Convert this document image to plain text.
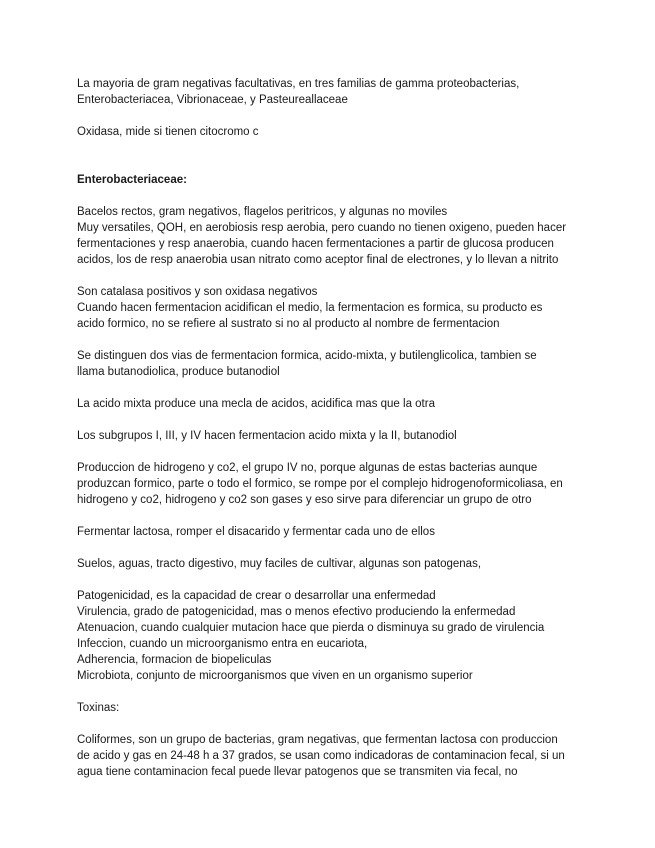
La mayoria de gram negativas facultativas, en tres familias de gamma proteobacterias,
Enterobacteriacea, Vibrionaceae, y Pasteureallaceae

Oxidasa, mide si tienen citocromo c

Enterobacteriaceae:

Bacelos rectos, gram negativos, flagelos peritricos, y algunas no moviles
Muy versatiles, QOH, en aerobiosis resp aerobia, pero cuando no tienen oxigeno, pueden hacer
fermentaciones y resp anaerobia, cuando hacen fermentaciones a partir de glucosa producen
acidos, los de resp anaerobia usan nitrato como aceptor final de electrones, y lo llevan a nitrito

Son catalasa positivos y son oxidasa negativos
Cuando hacen fermentacion acidifican el medio, la fermentacion es formica, su producto es
acido formico, no se refiere al sustrato si no al producto al nombre de fermentacion

Se distinguen dos vias de fermentacion formica, acido-mixta, y butilenglicolica, tambien se
llama butanodiolica, produce butanodiol

La acido mixta produce una mecla de acidos, acidifica mas que la otra

Los subgrupos I, III, y IV hacen fermentacion acido mixta y la II, butanodiol

Produccion de hidrogeno y co2, el grupo IV no, porque algunas de estas bacterias aunque
produzcan formico, parte o todo el formico, se rompe por el complejo hidrogenoformicoliasa, en
hidrogeno y co2, hidrogeno y co2 son gases y eso sirve para diferenciar un grupo de otro

Fermentar lactosa, romper el disacarido y fermentar cada uno de ellos

Suelos, aguas, tracto digestivo, muy faciles de cultivar, algunas son patogenas,

Patogenicidad, es la capacidad de crear o desarrollar una enfermedad
Virulencia, grado de patogenicidad, mas o menos efectivo produciendo la enfermedad
Atenuacion, cuando cualquier mutacion hace que pierda o disminuya su grado de virulencia
Infeccion, cuando un microorganismo entra en eucariota,
Adherencia, formacion de biopeliculas
Microbiota, conjunto de microorganismos que viven en un organismo superior

Toxinas:

Coliformes, son un grupo de bacterias, gram negativas, que fermentan lactosa con produccion
de acido y gas en 24-48 h a 37 grados, se usan como indicadoras de contaminacion fecal, si un
agua tiene contaminacion fecal puede llevar patogenos que se transmiten via fecal, no
